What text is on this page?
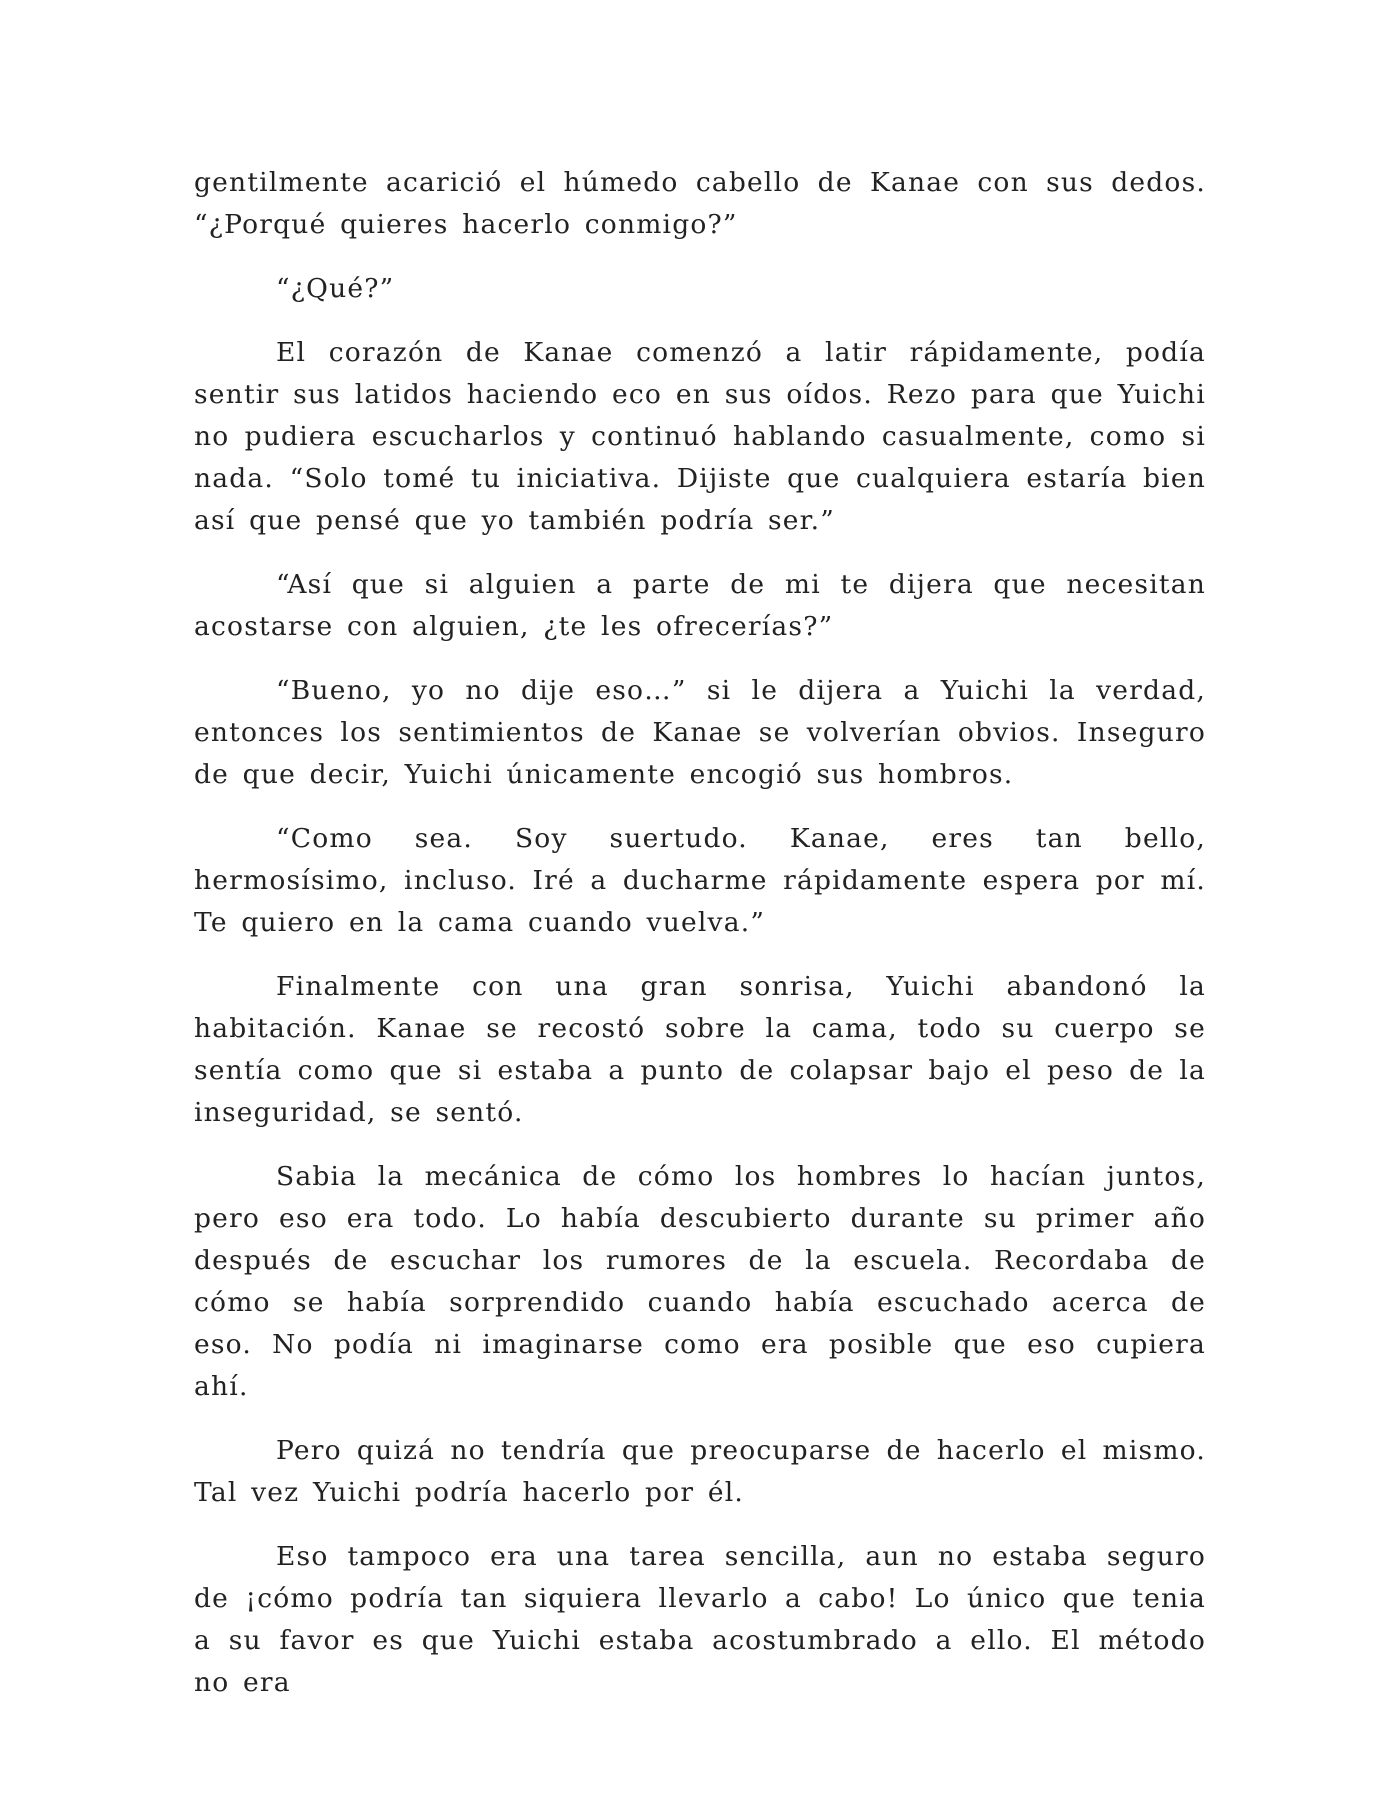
gentilmente acarició el húmedo cabello de Kanae con sus dedos. “¿Porqué quieres hacerlo conmigo?”

“¿Qué?”

El corazón de Kanae comenzó a latir rápidamente, podía sentir sus latidos haciendo eco en sus oídos. Rezo para que Yuichi no pudiera escucharlos y continuó hablando casualmente, como si nada. “Solo tomé tu iniciativa. Dijiste que cualquiera estaría bien así que pensé que yo también podría ser.”

“Así que si alguien a parte de mi te dijera que necesitan acostarse con alguien, ¿te les ofrecerías?”

“Bueno, yo no dije eso…” si le dijera a Yuichi la verdad, entonces los sentimientos de Kanae se volverían obvios. Inseguro de que decir, Yuichi únicamente encogió sus hombros.

“Como sea. Soy suertudo. Kanae, eres tan bello, hermosísimo, incluso. Iré a ducharme rápidamente espera por mí. Te quiero en la cama cuando vuelva.”

Finalmente con una gran sonrisa, Yuichi abandonó la habitación. Kanae se recostó sobre la cama, todo su cuerpo se sentía como que si estaba a punto de colapsar bajo el peso de la inseguridad, se sentó.

Sabia la mecánica de cómo los hombres lo hacían juntos, pero eso era todo. Lo había descubierto durante su primer año después de escuchar los rumores de la escuela. Recordaba de cómo se había sorprendido cuando había escuchado acerca de eso. No podía ni imaginarse como era posible que eso cupiera ahí.

Pero quizá no tendría que preocuparse de hacerlo el mismo. Tal vez Yuichi podría hacerlo por él.

Eso tampoco era una tarea sencilla, aun no estaba seguro de ¡cómo podría tan siquiera llevarlo a cabo! Lo único que tenia a su favor es que Yuichi estaba acostumbrado a ello. El método no era
